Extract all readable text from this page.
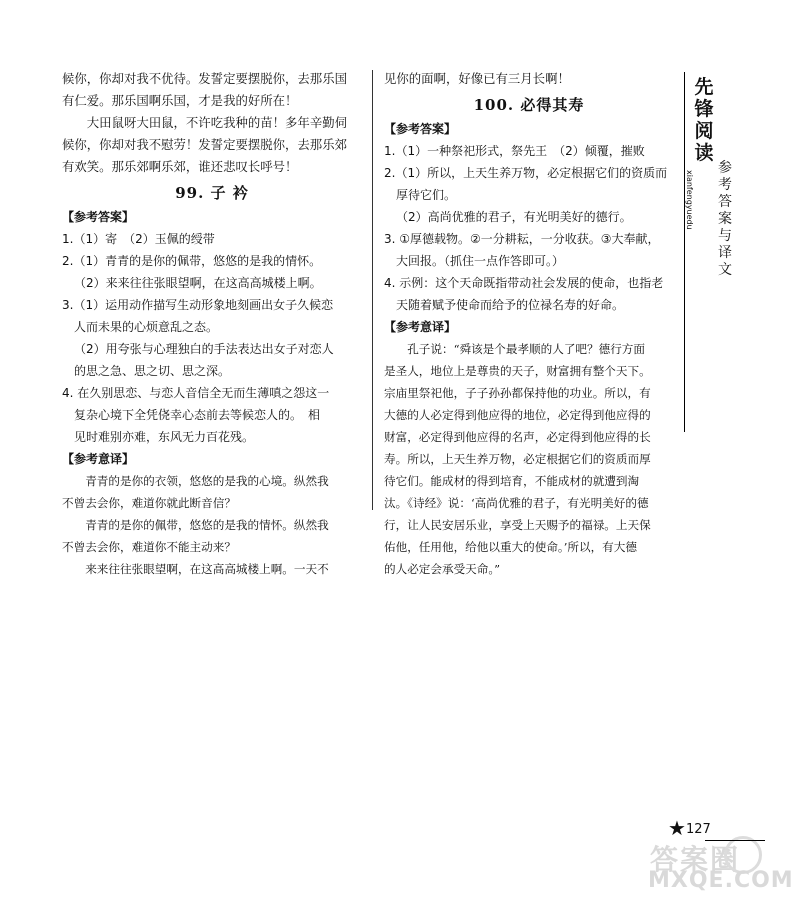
候你，你却对我不优待。发誓定要摆脱你，去那乐国

有仁爱。那乐国啊乐国，才是我的好所在！

大田鼠呀大田鼠，不许吃我种的苗！多年辛勤伺

候你，你却对我不慰劳！发誓定要摆脱你，去那乐郊

有欢笑。那乐郊啊乐郊，谁还悲叹长呼号！

99. 子 衿

【参考答案】

1.（1）寄　（2）玉佩的绶带

2.（1）青青的是你的佩带，悠悠的是我的情怀。

（2）来来往往张眼望啊，在这高高城楼上啊。

3.（1）运用动作描写生动形象地刻画出女子久候恋

人而未果的心烦意乱之态。

（2）用夸张与心理独白的手法表达出女子对恋人

的思之急、思之切、思之深。

4. 在久别思恋、与恋人音信全无而生薄嗔之怨这一

复杂心境下全凭侥幸心态前去等候恋人的。　相

见时难别亦难，东风无力百花残。

【参考意译】

青青的是你的衣领，悠悠的是我的心境。纵然我

不曾去会你，难道你就此断音信？

青青的是你的佩带，悠悠的是我的情怀。纵然我

不曾去会你，难道你不能主动来？

来来往往张眼望啊，在这高高城楼上啊。一天不

见你的面啊，好像已有三月长啊！

100. 必得其寿

【参考答案】

1.（1）一种祭祀形式，祭先王　（2）倾覆，摧败

2.（1）所以，上天生养万物，必定根据它们的资质而

厚待它们。

（2）高尚优雅的君子，有光明美好的德行。

3. ①厚德载物。②一分耕耘，一分收获。③大奉献，

大回报。（抓住一点作答即可。）

4. 示例：这个天命既指带动社会发展的使命，也指老

天随着赋予使命而给予的位禄名寿的好命。

【参考意译】

孔子说：“舜该是个最孝顺的人了吧？德行方面

是圣人，地位上是尊贵的天子，财富拥有整个天下。

宗庙里祭祀他，子子孙孙都保持他的功业。所以，有

大德的人必定得到他应得的地位，必定得到他应得的

财富，必定得到他应得的名声，必定得到他应得的长

寿。所以，上天生养万物，必定根据它们的资质而厚

待它们。能成材的得到培育，不能成材的就遭到淘

汰。《诗经》说：‘高尚优雅的君子，有光明美好的德

行，让人民安居乐业，享受上天赐予的福禄。上天保

佑他，任用他，给他以重大的使命。’所以，有大德

的人必定会承受天命。”

先
锋
阅
读
xianfengyuedu
参
考
答
案
与
译
文
答案圈
MXQE.COM
★ 127
